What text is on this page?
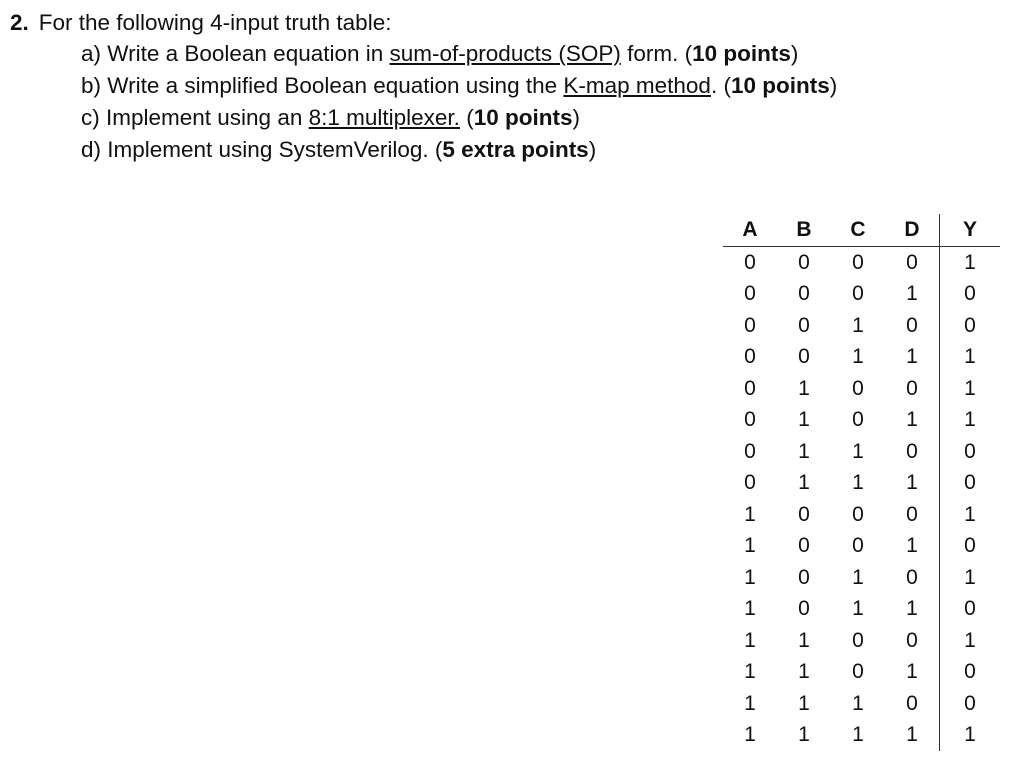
2. For the following 4-input truth table:
a) Write a Boolean equation in sum-of-products (SOP) form. (10 points)
b) Write a simplified Boolean equation using the K-map method. (10 points)
c) Implement using an 8:1 multiplexer. (10 points)
d) Implement using SystemVerilog. (5 extra points)
A	B	C	D	Y
0	0	0	0	1
0	0	0	1	0
0	0	1	0	0
0	0	1	1	1
0	1	0	0	1
0	1	0	1	1
0	1	1	0	0
0	1	1	1	0
1	0	0	0	1
1	0	0	1	0
1	0	1	0	1
1	0	1	1	0
1	1	0	0	1
1	1	0	1	0
1	1	1	0	0
1	1	1	1	1
